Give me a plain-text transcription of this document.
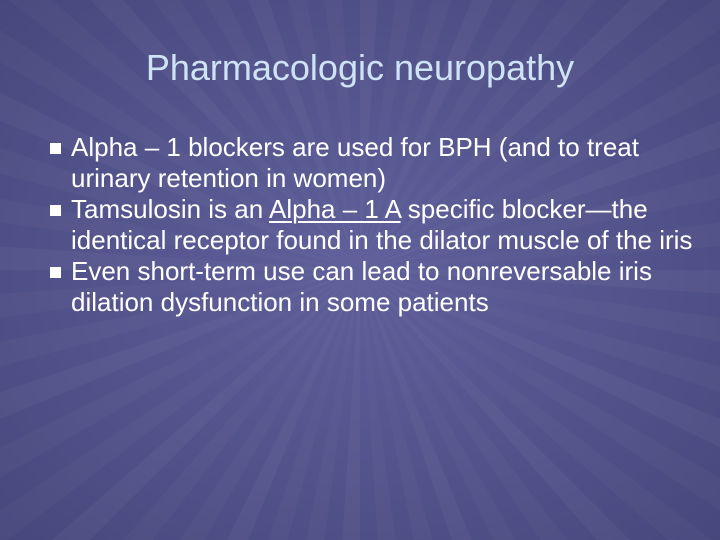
Pharmacologic neuropathy
Alpha – 1 blockers are used for BPH (and to treat urinary retention in women)
Tamsulosin is an Alpha – 1 A specific blocker—the identical receptor found in the dilator muscle of the iris
Even short-term use can lead to nonreversable iris dilation dysfunction in some patients
